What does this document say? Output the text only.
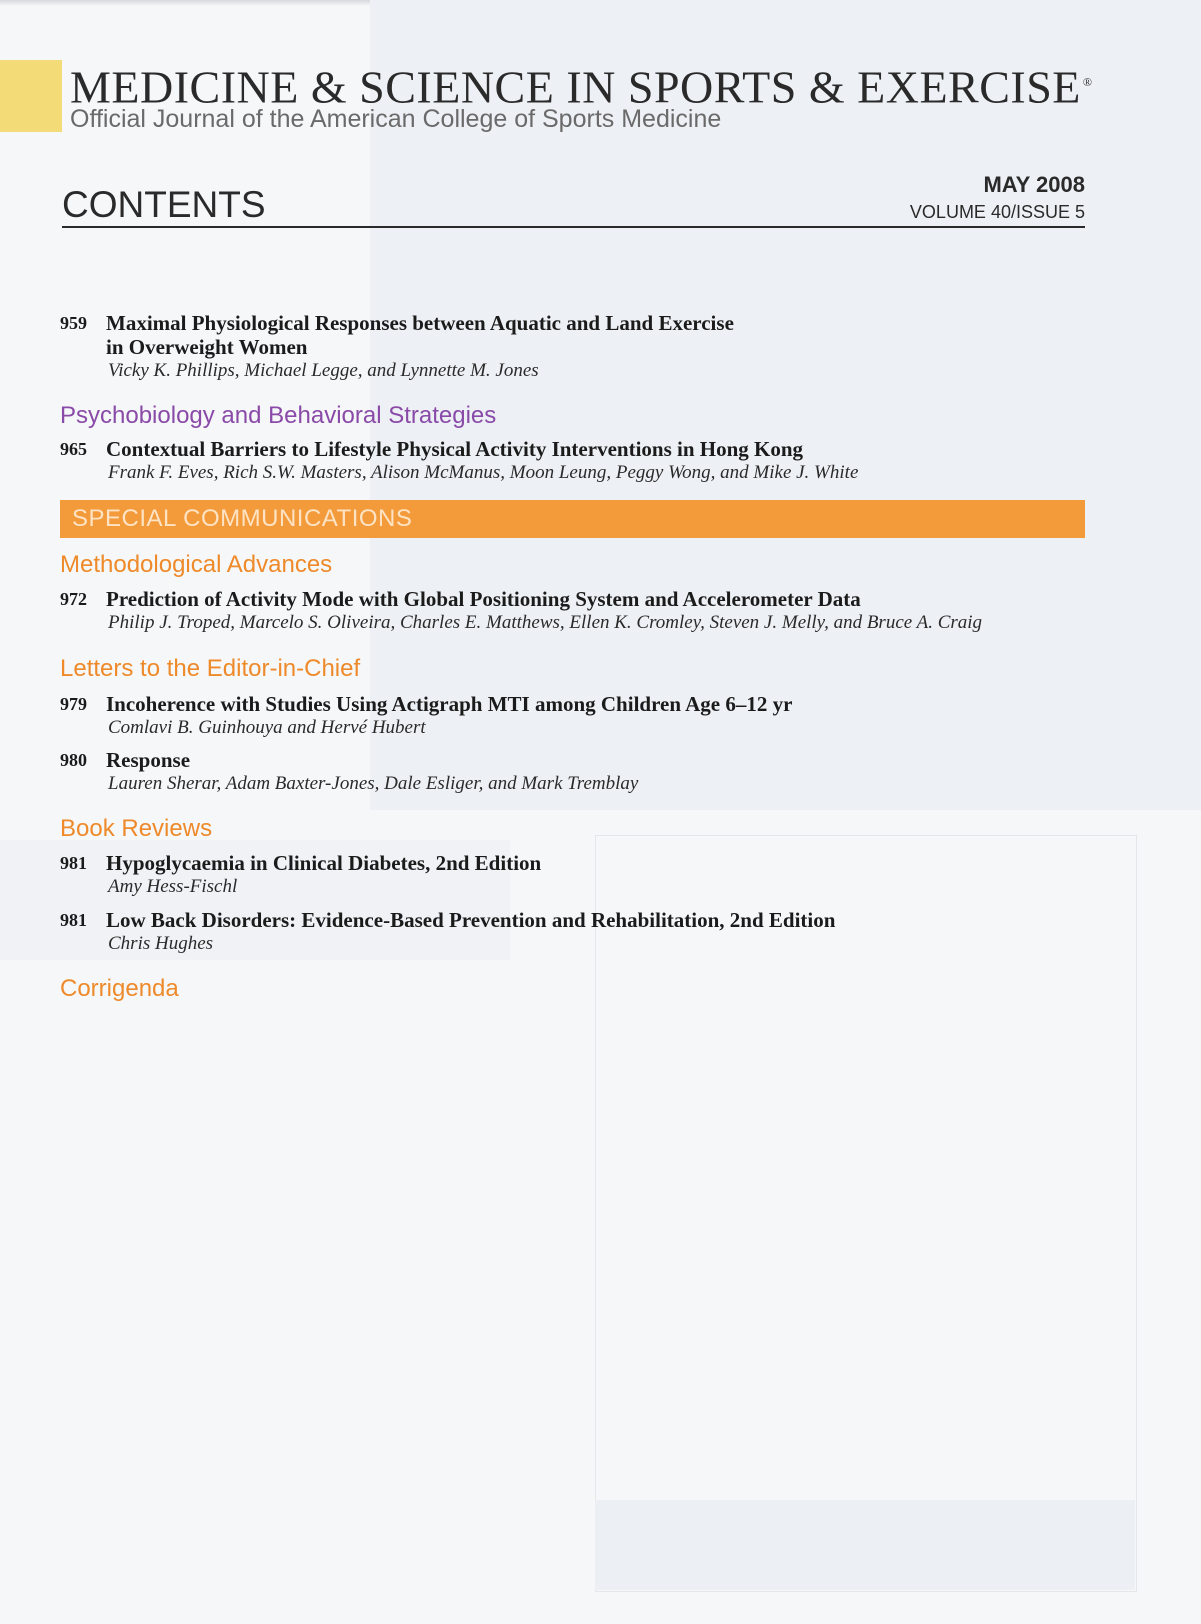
MEDICINE & SCIENCE IN SPORTS & EXERCISE ®
Official Journal of the American College of Sports Medicine
CONTENTS	MAY 2008
VOLUME 40/ISSUE 5
959 Maximal Physiological Responses between Aquatic and Land Exercise
in Overweight Women
Vicky K. Phillips, Michael Legge, and Lynnette M. Jones
Psychobiology and Behavioral Strategies
965 Contextual Barriers to Lifestyle Physical Activity Interventions in Hong Kong
Frank F. Eves, Rich S.W. Masters, Alison McManus, Moon Leung, Peggy Wong, and Mike J. White
SPECIAL COMMUNICATIONS
Methodological Advances
972 Prediction of Activity Mode with Global Positioning System and Accelerometer Data
Philip J. Troped, Marcelo S. Oliveira, Charles E. Matthews, Ellen K. Cromley, Steven J. Melly, and Bruce A. Craig
Letters to the Editor-in-Chief
979 Incoherence with Studies Using Actigraph MTI among Children Age 6–12 yr
Comlavi B. Guinhouya and Hervé Hubert
980 Response
Lauren Sherar, Adam Baxter-Jones, Dale Esliger, and Mark Tremblay
Book Reviews
981 Hypoglycaemia in Clinical Diabetes, 2nd Edition
Amy Hess-Fischl
981 Low Back Disorders: Evidence-Based Prevention and Rehabilitation, 2nd Edition
Chris Hughes
Corrigenda
